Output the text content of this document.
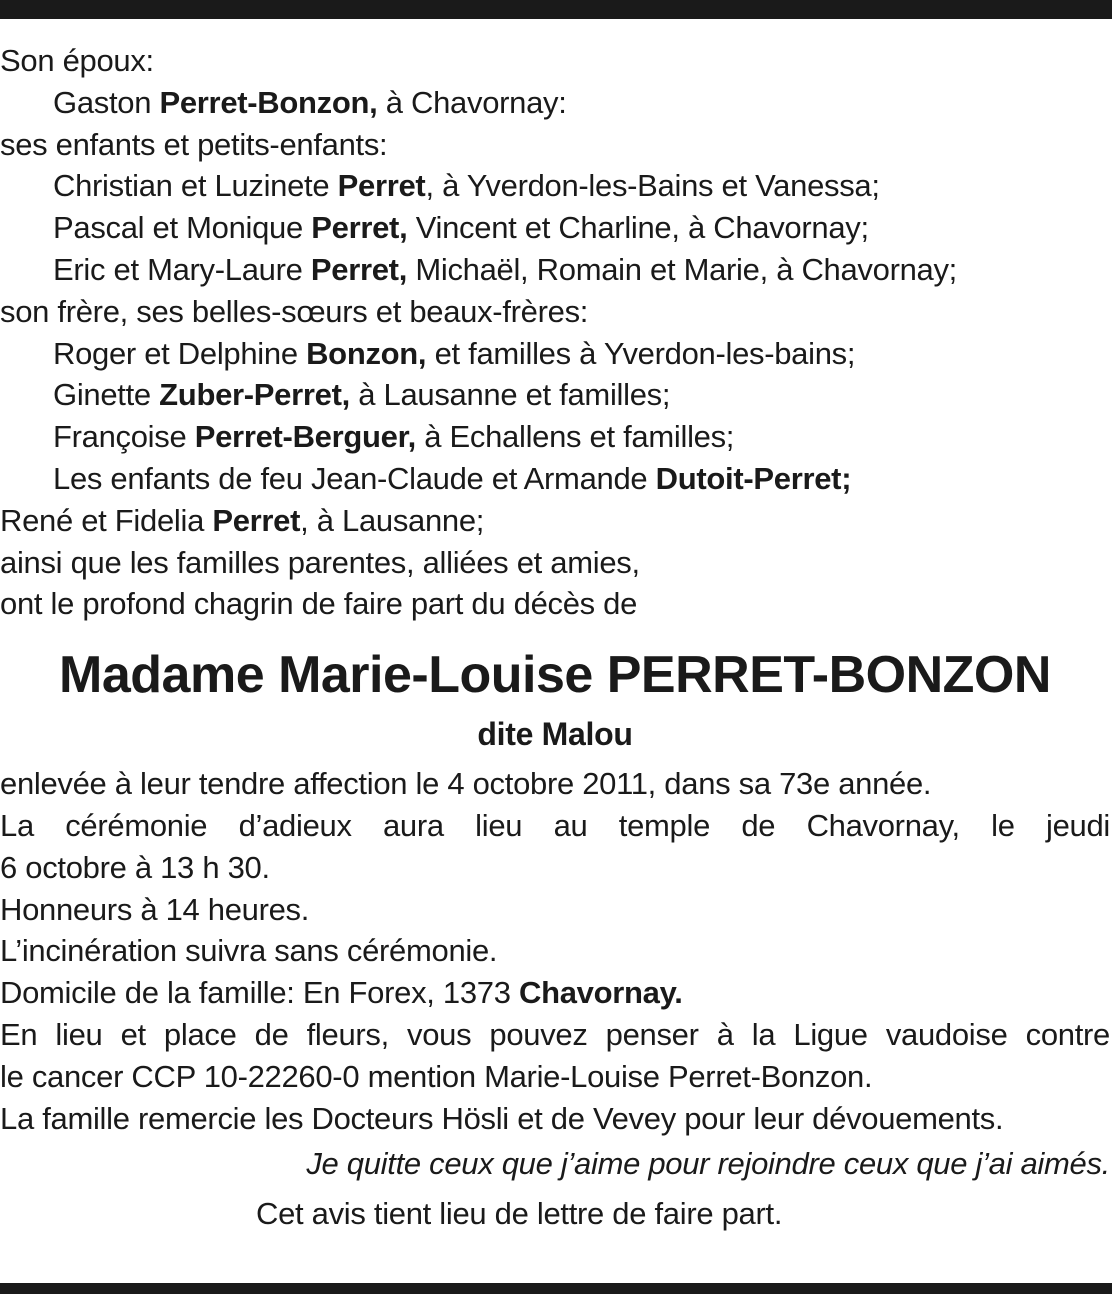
Son époux:
Gaston Perret-Bonzon, à Chavornay:
ses enfants et petits-enfants:
Christian et Luzinete Perret, à Yverdon-les-Bains et Vanessa;
Pascal et Monique Perret, Vincent et Charline, à Chavornay;
Eric et Mary-Laure Perret, Michaël, Romain et Marie, à Chavornay;
son frère, ses belles-sœurs et beaux-frères:
Roger et Delphine Bonzon, et familles à Yverdon-les-bains;
Ginette Zuber-Perret, à Lausanne et familles;
Françoise Perret-Berguer, à Echallens et familles;
Les enfants de feu Jean-Claude et Armande Dutoit-Perret;
René et Fidelia Perret, à Lausanne;
ainsi que les familles parentes, alliées et amies,
ont le profond chagrin de faire part du décès de
Madame Marie-Louise PERRET-BONZON
dite Malou
enlevée à leur tendre affection le 4 octobre 2011, dans sa 73e année.
La cérémonie d’adieux aura lieu au temple de Chavornay, le jeudi
6 octobre à 13 h 30.
Honneurs à 14 heures.
L’incinération suivra sans cérémonie.
Domicile de la famille: En Forex, 1373 Chavornay.
En lieu et place de fleurs, vous pouvez penser à la Ligue vaudoise contre
le cancer CCP 10-22260-0 mention Marie-Louise Perret-Bonzon.
La famille remercie les Docteurs Hösli et de Vevey pour leur dévouements.
Je quitte ceux que j’aime pour rejoindre ceux que j’ai aimés.
Cet avis tient lieu de lettre de faire part.
